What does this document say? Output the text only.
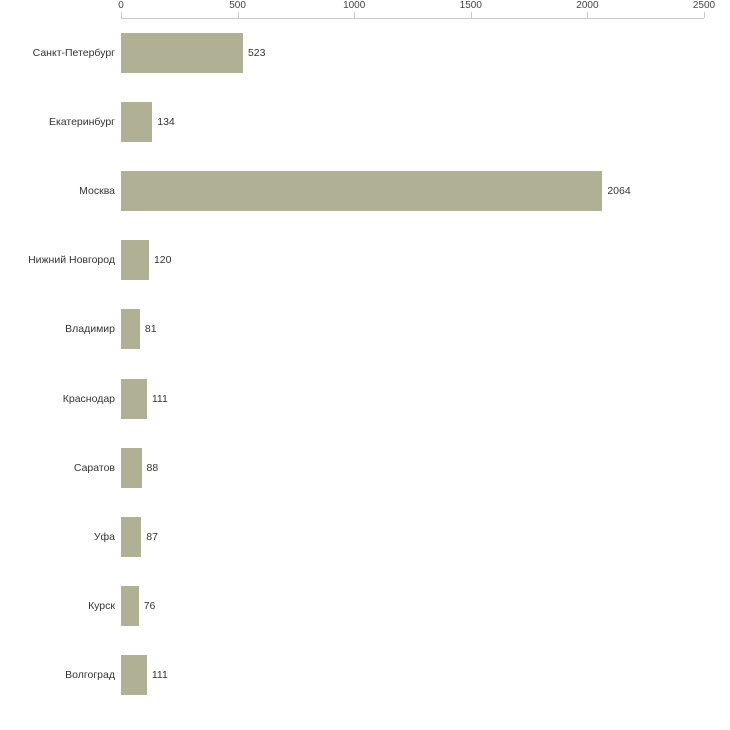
0	500	1000	1500	2000	2500
Санкт-Петербург	523
Екатеринбург	134
Москва	2064
Нижний Новгород	120
Владимир	81
Краснодар	111
Саратов	88
Уфа	87
Курск	76
Волгоград	111
